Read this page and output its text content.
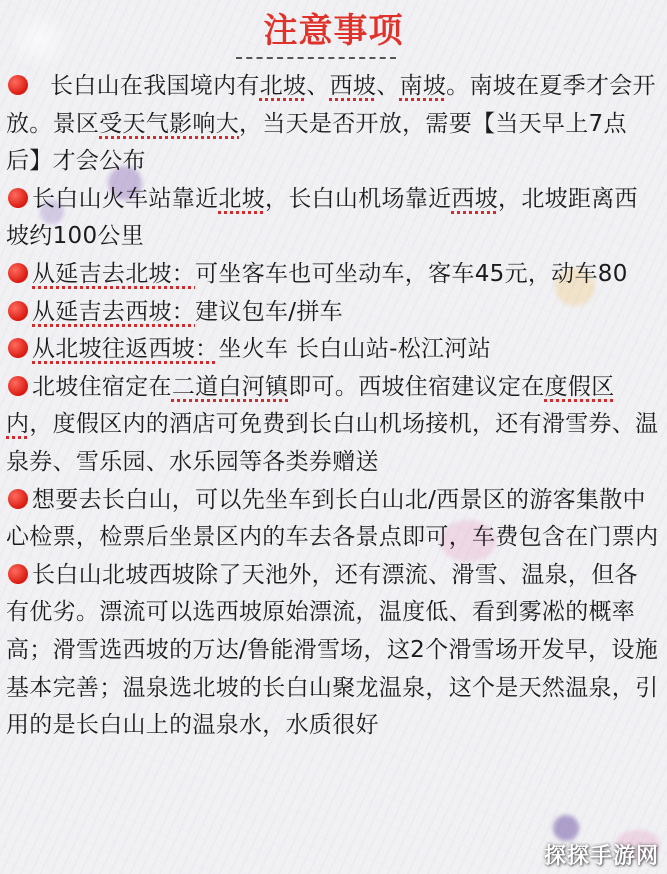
注意事项

长白山在我国境内有北坡、西坡、南坡。南坡在夏季才会开放。景区受天气影响大，当天是否开放，需要【当天早上7点后】才会公布

长白山火车站靠近北坡，长白山机场靠近西坡，北坡距离西坡约100公里

从延吉去北坡：可坐客车也可坐动车，客车45元，动车80

从延吉去西坡：建议包车/拼车

从北坡往返西坡：坐火车 长白山站-松江河站

北坡住宿定在二道白河镇即可。西坡住宿建议定在度假区内，度假区内的酒店可免费到长白山机场接机，还有滑雪券、温泉券、雪乐园、水乐园等各类券赠送

想要去长白山，可以先坐车到长白山北/西景区的游客集散中心检票，检票后坐景区内的车去各景点即可，车费包含在门票内

长白山北坡西坡除了天池外，还有漂流、滑雪、温泉，但各有优劣。漂流可以选西坡原始漂流，温度低、看到雾凇的概率高；滑雪选西坡的万达/鲁能滑雪场，这2个滑雪场开发早，设施基本完善；温泉选北坡的长白山聚龙温泉，这个是天然温泉，引用的是长白山上的温泉水，水质很好

探探手游网
